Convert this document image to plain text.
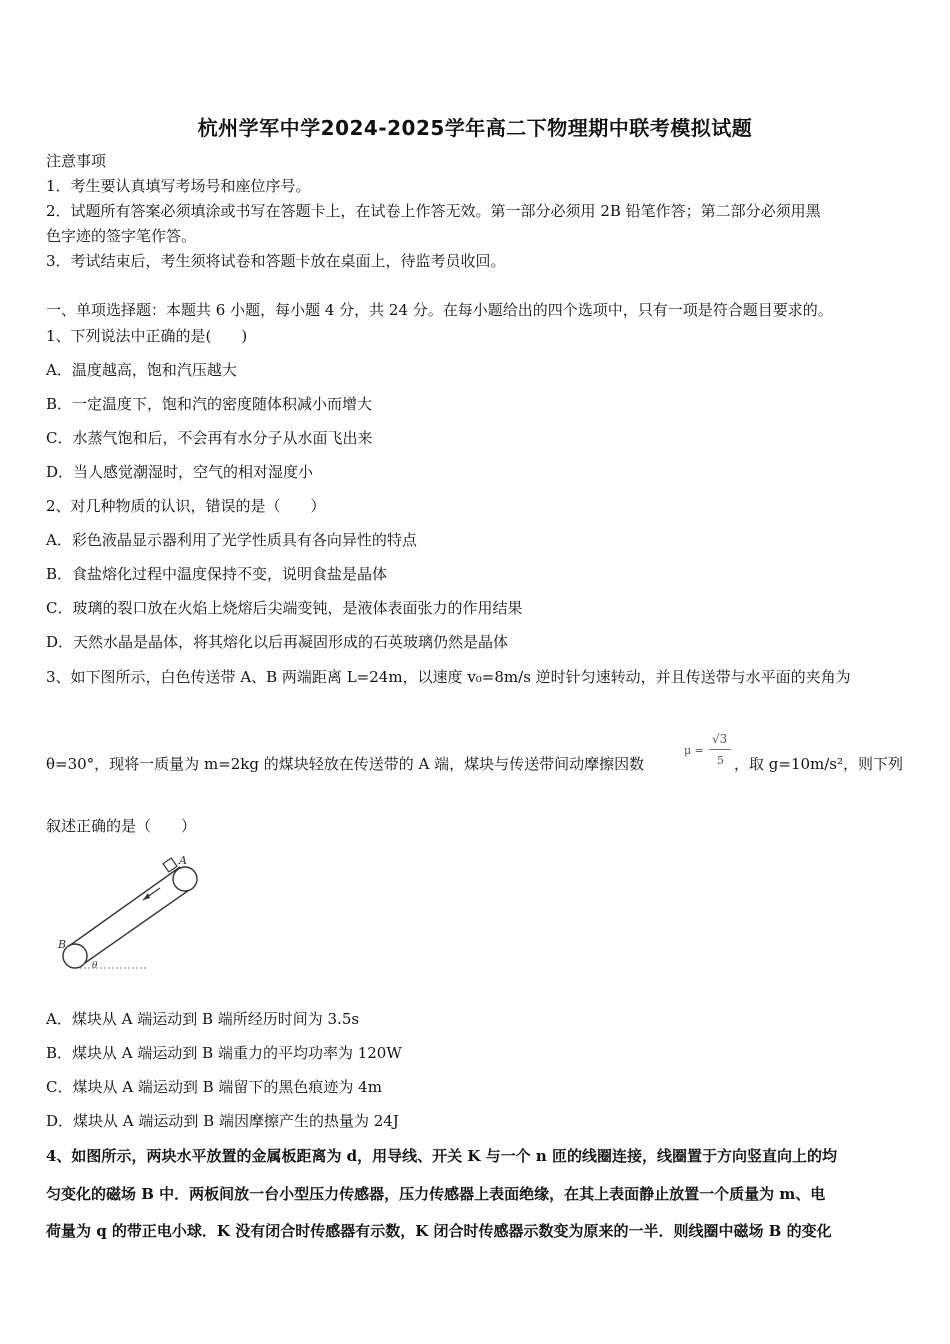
杭州学军中学2024-2025学年高二下物理期中联考模拟试题
注意事项
1．考生要认真填写考场号和座位序号。
2．试题所有答案必须填涂或书写在答题卡上，在试卷上作答无效。第一部分必须用 2B 铅笔作答；第二部分必须用黑
色字迹的签字笔作答。
3．考试结束后，考生须将试卷和答题卡放在桌面上，待监考员收回。
一、单项选择题：本题共 6 小题，每小题 4 分，共 24 分。在每小题给出的四个选项中，只有一项是符合题目要求的。
1、下列说法中正确的是(　　)
A．温度越高，饱和汽压越大
B．一定温度下，饱和汽的密度随体积减小而增大
C．水蒸气饱和后，不会再有水分子从水面飞出来
D．当人感觉潮湿时，空气的相对湿度小
2、对几种物质的认识，错误的是（　　）
A．彩色液晶显示器利用了光学性质具有各向异性的特点
B．食盐熔化过程中温度保持不变，说明食盐是晶体
C．玻璃的裂口放在火焰上烧熔后尖端变钝，是液体表面张力的作用结果
D．天然水晶是晶体，将其熔化以后再凝固形成的石英玻璃仍然是晶体
3、如下图所示，白色传送带 A、B 两端距离 L=24m，以速度 v₀=8m/s 逆时针匀速转动，并且传送带与水平面的夹角为
θ=30°，现将一质量为 m=2kg 的煤块轻放在传送带的 A 端，煤块与传送带间动摩擦因数
μ =
√3
5 ，取 g=10m/s²，则下列
叙述正确的是（　　）
A
B
θ
A．煤块从 A 端运动到 B 端所经历时间为 3.5s
B．煤块从 A 端运动到 B 端重力的平均功率为 120W
C．煤块从 A 端运动到 B 端留下的黑色痕迹为 4m
D．煤块从 A 端运动到 B 端因摩擦产生的热量为 24J
4、如图所示，两块水平放置的金属板距离为 d，用导线、开关 K 与一个 n 匝的线圈连接，线圈置于方向竖直向上的均
匀变化的磁场 B 中．两板间放一台小型压力传感器，压力传感器上表面绝缘，在其上表面静止放置一个质量为 m、电
荷量为 q 的带正电小球．K 没有闭合时传感器有示数，K 闭合时传感器示数变为原来的一半．则线圈中磁场 B 的变化
